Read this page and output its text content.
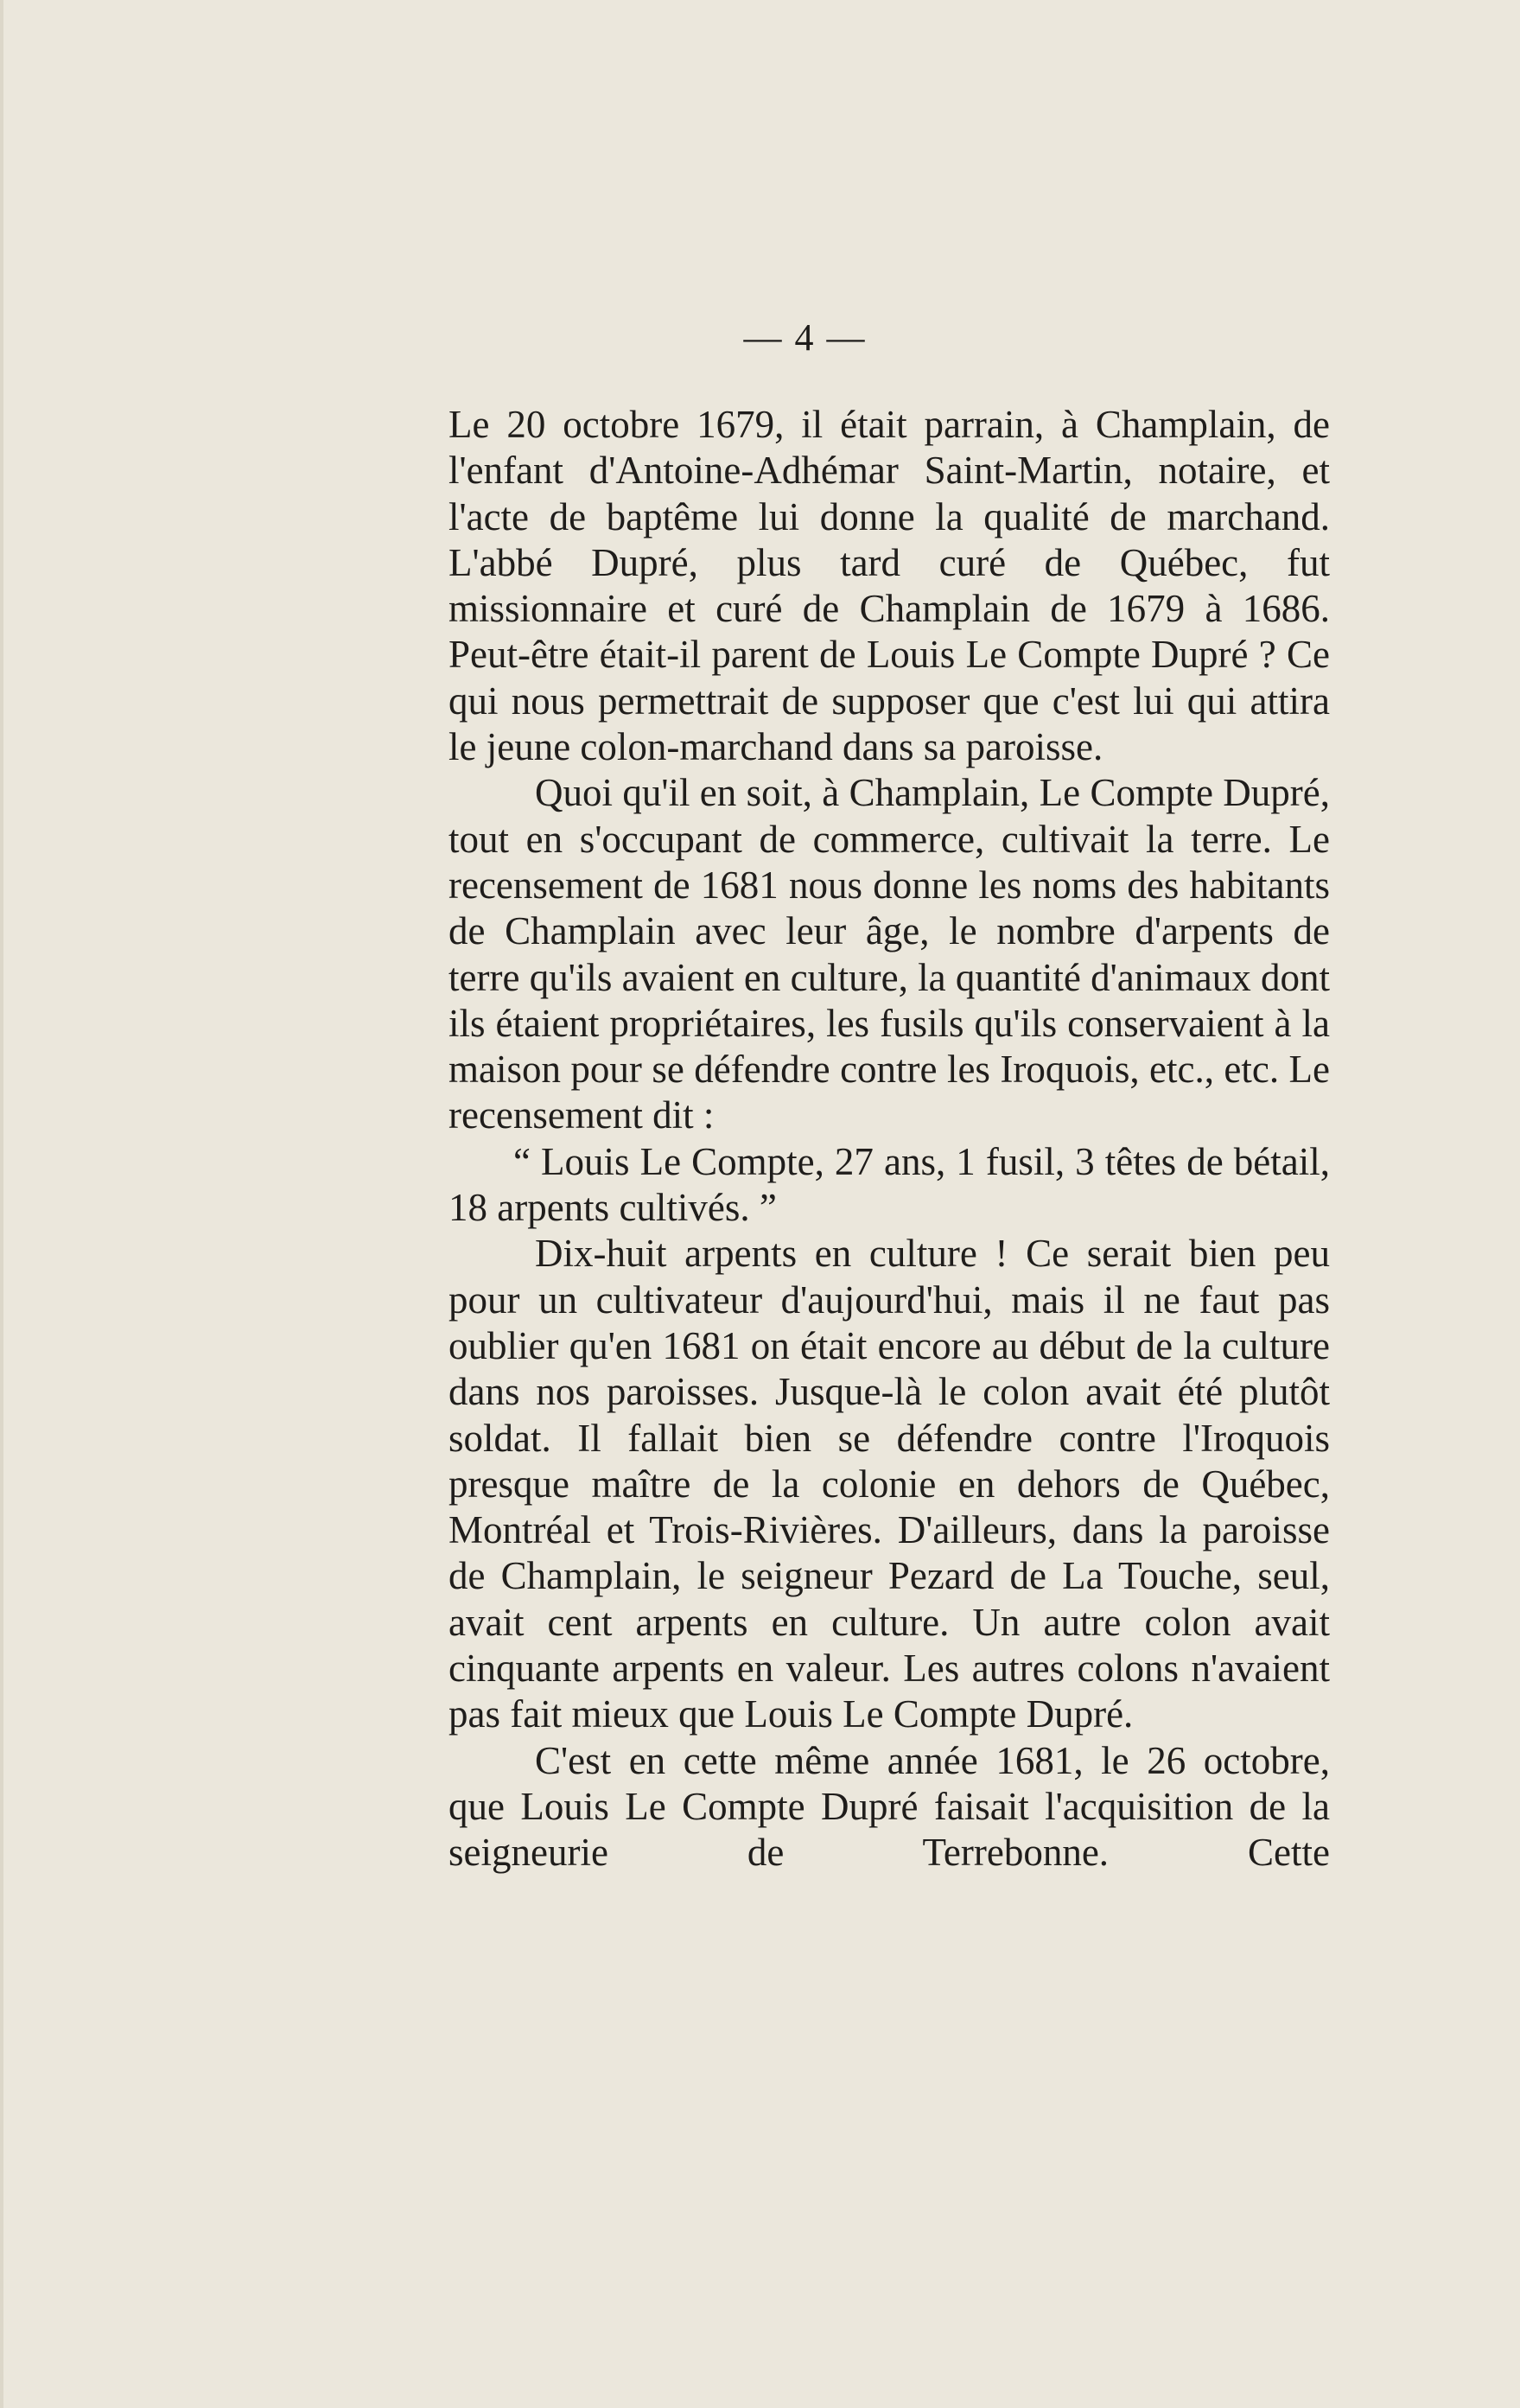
— 4 —

Le 20 octobre 1679, il était parrain, à Champlain, de l'enfant d'Antoine-Adhémar Saint-Martin, notaire, et l'acte de baptême lui donne la qualité de marchand. L'abbé Dupré, plus tard curé de Québec, fut missionnaire et curé de Champlain de 1679 à 1686. Peut-être était-il parent de Louis Le Compte Dupré ? Ce qui nous permettrait de supposer que c'est lui qui attira le jeune colon-marchand dans sa paroisse.

Quoi qu'il en soit, à Champlain, Le Compte Dupré, tout en s'occupant de commerce, cultivait la terre. Le recensement de 1681 nous donne les noms des habitants de Champlain avec leur âge, le nombre d'arpents de terre qu'ils avaient en culture, la quantité d'animaux dont ils étaient propriétaires, les fusils qu'ils conservaient à la maison pour se défendre contre les Iroquois, etc., etc. Le recensement dit :

“ Louis Le Compte, 27 ans, 1 fusil, 3 têtes de bétail, 18 arpents cultivés. ”

Dix-huit arpents en culture ! Ce serait bien peu pour un cultivateur d'aujourd'hui, mais il ne faut pas oublier qu'en 1681 on était encore au début de la culture dans nos paroisses. Jusque-là le colon avait été plutôt soldat. Il fallait bien se défendre contre l'Iroquois presque maître de la colonie en dehors de Québec, Montréal et Trois-Rivières. D'ailleurs, dans la paroisse de Champlain, le seigneur Pezard de La Touche, seul, avait cent arpents en culture. Un autre colon avait cinquante arpents en valeur. Les autres colons n'avaient pas fait mieux que Louis Le Compte Dupré.

C'est en cette même année 1681, le 26 octobre, que Louis Le Compte Dupré faisait l'acquisition de la seigneurie de Terrebonne. Cette
